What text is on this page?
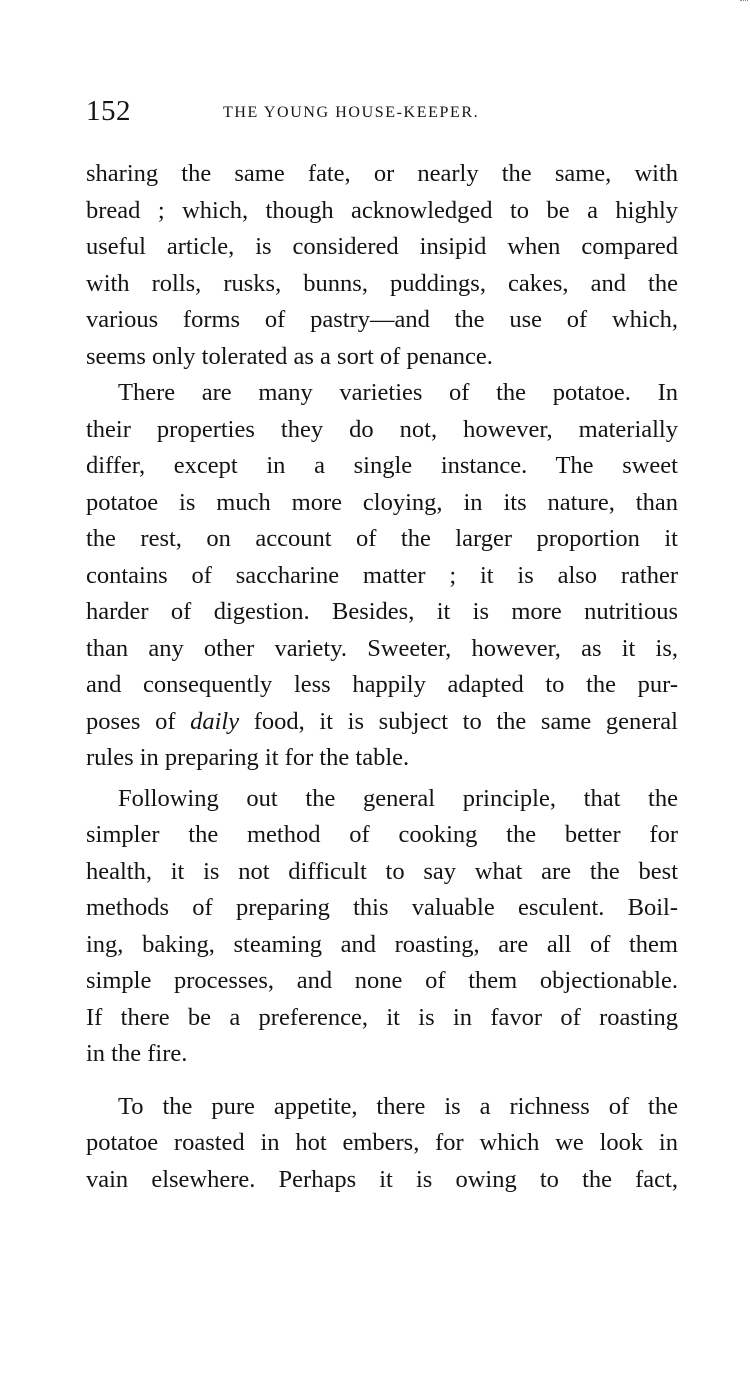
152	THE YOUNG HOUSE-KEEPER.
sharing the same fate, or nearly the same, with
bread ; which, though acknowledged to be a highly
useful article, is considered insipid when compared
with rolls, rusks, bunns, puddings, cakes, and the
various forms of pastry—and the use of which,
seems only tolerated as a sort of penance.
There are many varieties of the potatoe. In
their properties they do not, however, materially
differ, except in a single instance. The sweet
potatoe is much more cloying, in its nature, than
the rest, on account of the larger proportion it
contains of saccharine matter ; it is also rather
harder of digestion. Besides, it is more nutritious
than any other variety. Sweeter, however, as it is,
and consequently less happily adapted to the pur-
poses of daily food, it is subject to the same general
rules in preparing it for the table.
Following out the general principle, that the
simpler the method of cooking the better for
health, it is not difficult to say what are the best
methods of preparing this valuable esculent. Boil-
ing, baking, steaming and roasting, are all of them
simple processes, and none of them objectionable.
If there be a preference, it is in favor of roasting
in the fire.
To the pure appetite, there is a richness of the
potatoe roasted in hot embers, for which we look in
vain elsewhere. Perhaps it is owing to the fact,
